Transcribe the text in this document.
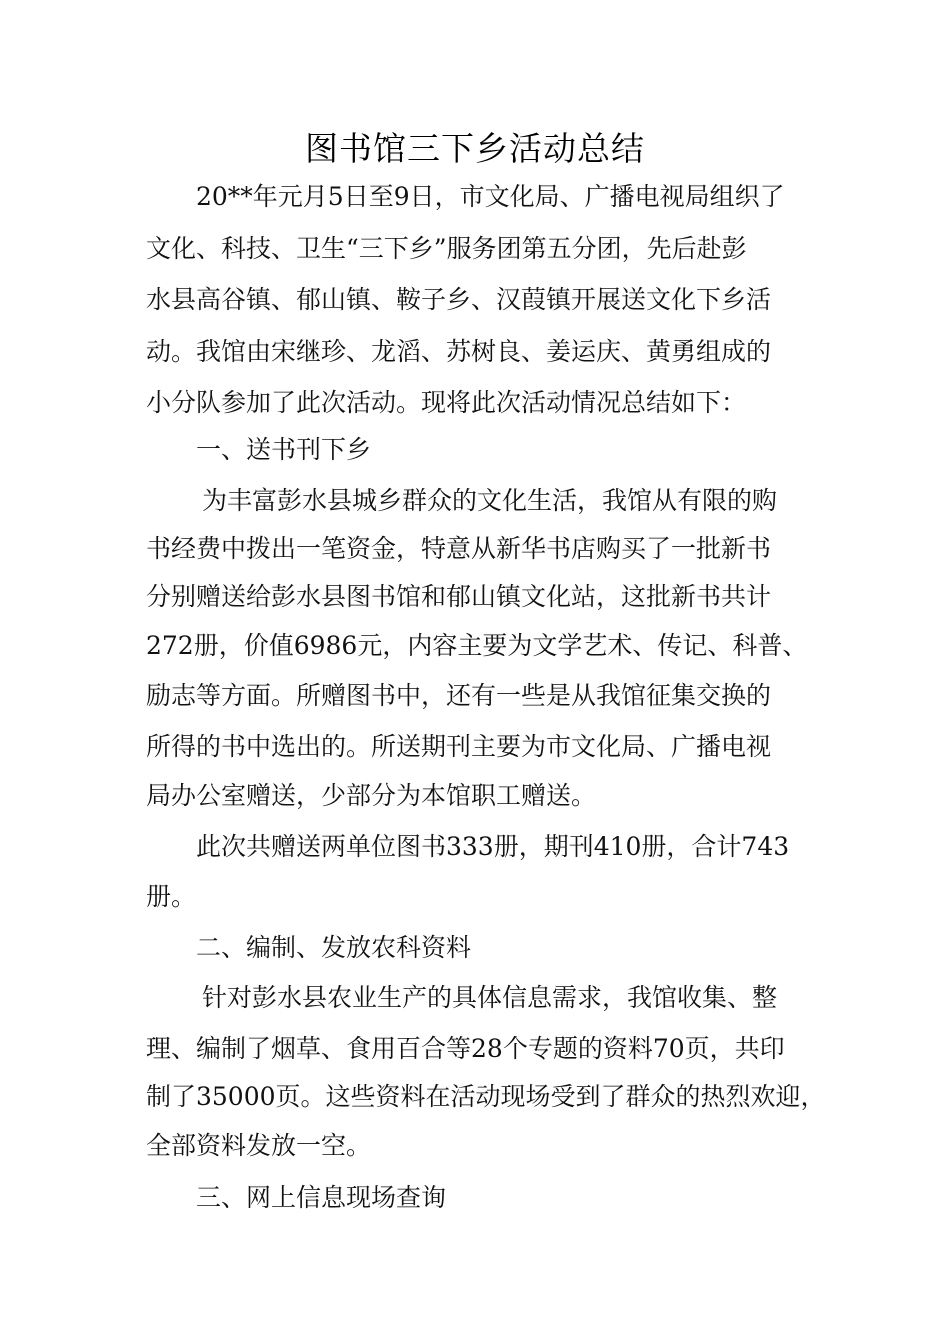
图书馆三下乡活动总结
20**年元月5日至9日，市文化局、广播电视局组织了
文化、科技、卫生“三下乡”服务团第五分团，先后赴彭
水县高谷镇、郁山镇、鞍子乡、汉葭镇开展送文化下乡活
动。我馆由宋继珍、龙滔、苏树良、姜运庆、黄勇组成的
小分队参加了此次活动。现将此次活动情况总结如下：
一、送书刊下乡
为丰富彭水县城乡群众的文化生活，我馆从有限的购
书经费中拨出一笔资金，特意从新华书店购买了一批新书
分别赠送给彭水县图书馆和郁山镇文化站，这批新书共计
272册，价值6986元，内容主要为文学艺术、传记、科普、
励志等方面。所赠图书中，还有一些是从我馆征集交换的
所得的书中选出的。所送期刊主要为市文化局、广播电视
局办公室赠送，少部分为本馆职工赠送。
此次共赠送两单位图书333册，期刊410册，合计743
册。
二、编制、发放农科资料
针对彭水县农业生产的具体信息需求，我馆收集、整
理、编制了烟草、食用百合等28个专题的资料70页，共印
制了35000页。这些资料在活动现场受到了群众的热烈欢迎，
全部资料发放一空。
三、网上信息现场查询
